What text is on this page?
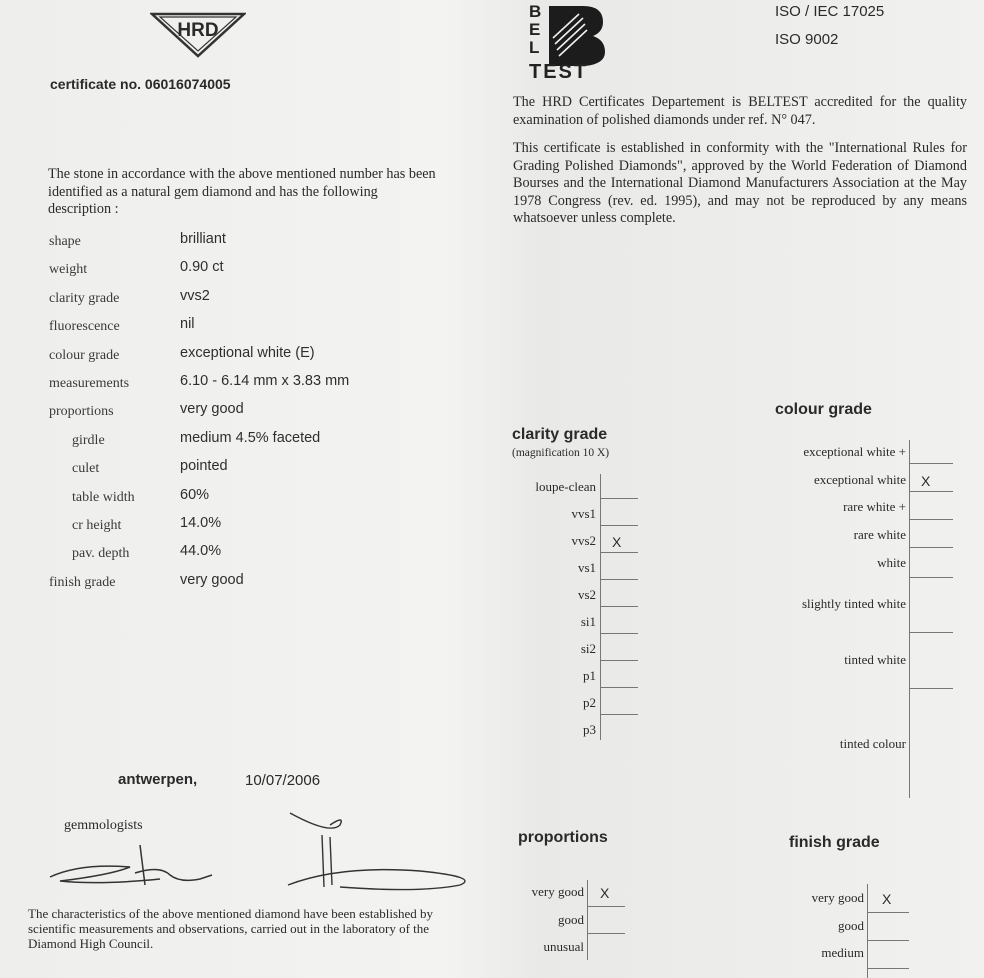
HRD
B
E
L
TEST
certificate no. 06016074005
ISO / IEC 17025
ISO 9002
The HRD Certificates Departement is BELTEST accredited for the quality examination of polished diamonds under ref. N° 047.
This certificate is established in conformity with the "International Rules for Grading Polished Diamonds", approved by the World Federation of Diamond Bourses and the International Diamond Manufacturers Association at the May 1978 Congress (rev. ed. 1995), and may not be reproduced by any means whatsoever unless complete.
The stone in accordance with the above mentioned number has been identified as a natural gem diamond and has the following description :
shape	brilliant
weight	0.90 ct
clarity grade	vvs2
fluorescence	nil
colour grade	exceptional white (E)
measurements	6.10 - 6.14 mm x 3.83 mm
proportions	very good
girdle	medium 4.5% faceted
culet	pointed
table width	60%
cr height	14.0%
pav. depth	44.0%
finish grade	very good
antwerpen,	10/07/2006
gemmologists
The characteristics of the above mentioned diamond have been established by scientific measurements and observations, carried out in the laboratory of the Diamond High Council.
clarity grade
(magnification 10 X)
loupe-clean
vvs1
vvs2 X
vs1
vs2
si1
si2
p1
p2
p3
colour grade
exceptional white +
exceptional white X
rare white +
rare white
white
slightly tinted white
tinted white
tinted colour
proportions
very good X
good
unusual
finish grade
very good X
good
medium
